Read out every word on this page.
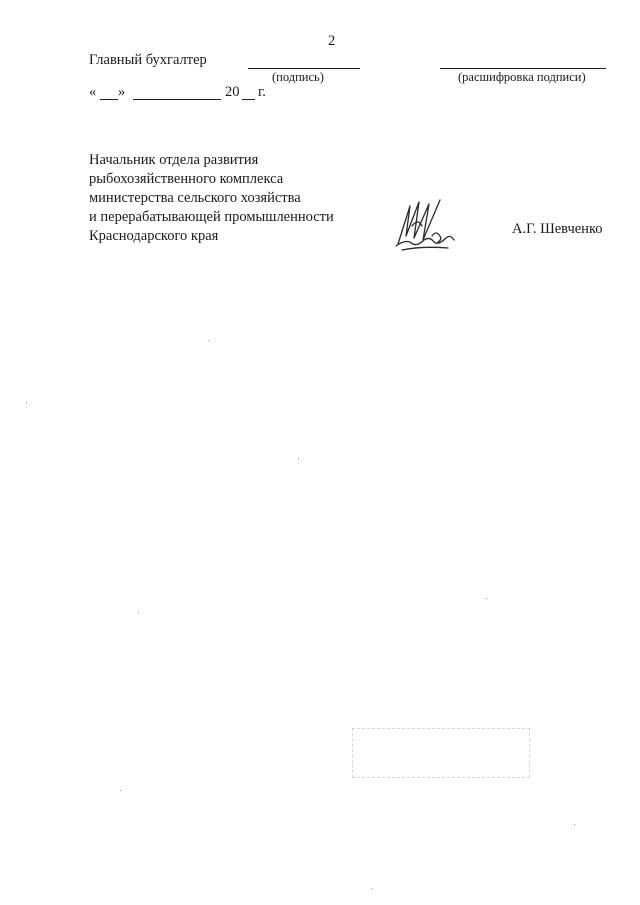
2
Главный бухгалтер
(подпись)	(расшифровка подписи)
« »	20 г.
Начальник отдела развития
рыбохозяйственного комплекса
министерства сельского хозяйства
и перерабатывающей промышленности
Краснодарского края	А.Г. Шевченко
